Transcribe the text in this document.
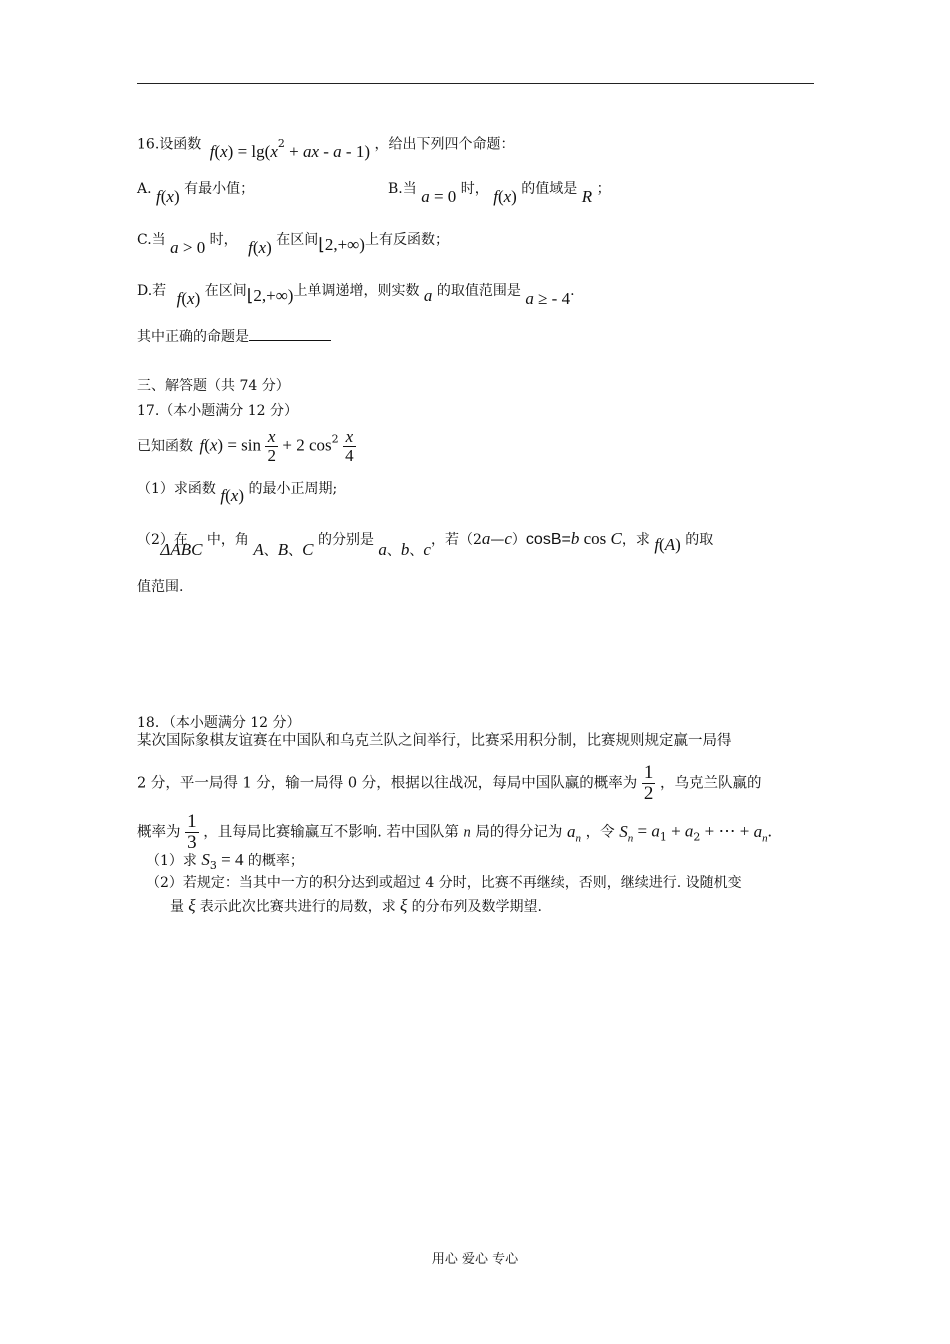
16.设函数 $f(x) = \lg(x^2$ + ax - a - 1) ，给出下列四个命题：
A. f(x) 有最小值；	B.当 a = 0 时， f(x) 的值域是 R ；
C.当 a > 0 时， f(x) 在区间⌊2,+∞)上有反函数；
D.若 f(x) 在区间⌊2,+∞)上单调递增，则实数 a 的取值范围是 a ≥ - 4.
其中正确的命题是
三、解答题（共 74 分）
17.（本小题满分 12 分）
已知函数 $f(x) = \sin \frac{x}{2} + 2$ $\cos^2 \frac{x}{4}$
（1）求函数 f(x) 的最小正周期;
（2）在 ΔABC 中，角 A、B、C 的分别是 a、b、c，若（2a—c）cosB=b cos C，求 f(A) 的取
值范围.
18．（本小题满分 12 分）
某次国际象棋友谊赛在中国队和乌克兰队之间举行，比赛采用积分制，比赛规则规定赢一局得
2 分，平一局得 1 分，输一局得 0 分，根据以往战况，每局中国队赢的概率为 $\frac{1}{2}$ ，乌克兰队赢的
概率为 $\frac{1}{3}$ ，且每局比赛输赢互不影响. 若中国队第 n 局的得分记为 $a_n$ ，令 $S_n = a_1 + a_2$ + ⋯ + $a_n$.
（1）求 $S_3 = 4$ 的概率；
（2）若规定：当其中一方的积分达到或超过 4 分时，比赛不再继续，否则，继续进行. 设随机变
量 ξ 表示此次比赛共进行的局数，求 ξ 的分布列及数学期望.
用心 爱心 专心
